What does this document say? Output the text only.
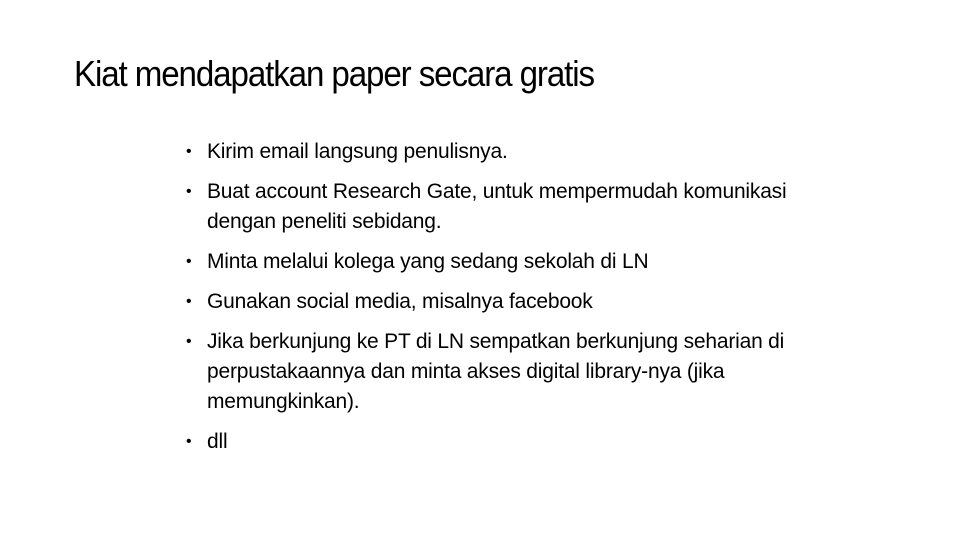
Kiat mendapatkan paper secara gratis
• Kirim email langsung penulisnya.
• Buat account Research Gate, untuk mempermudah komunikasi dengan peneliti sebidang.
• Minta melalui kolega yang sedang sekolah di LN
• Gunakan social media, misalnya facebook
• Jika berkunjung ke PT di LN sempatkan berkunjung seharian di perpustakaannya dan minta akses digital library-nya (jika memungkinkan).
• dll
